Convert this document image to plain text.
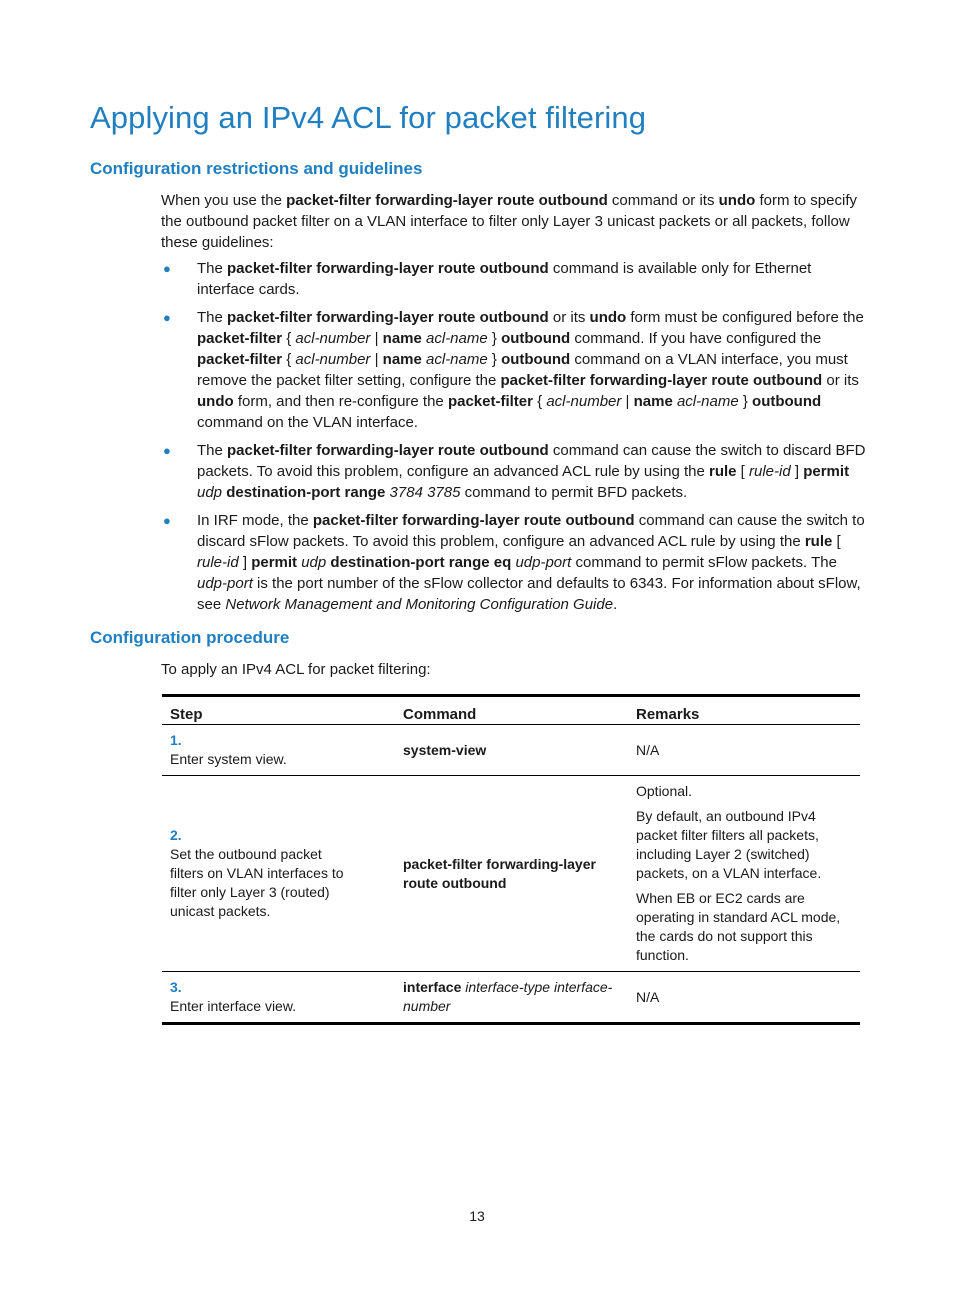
Applying an IPv4 ACL for packet filtering
Configuration restrictions and guidelines

When you use the packet-filter forwarding-layer route outbound command or its undo form to specify the outbound packet filter on a VLAN interface to filter only Layer 3 unicast packets or all packets, follow these guidelines:

● The packet-filter forwarding-layer route outbound command is available only for Ethernet interface cards.
● The packet-filter forwarding-layer route outbound or its undo form must be configured before the packet-filter { acl-number | name acl-name } outbound command. If you have configured the packet-filter { acl-number | name acl-name } outbound command on a VLAN interface, you must remove the packet filter setting, configure the packet-filter forwarding-layer route outbound or its undo form, and then re-configure the packet-filter { acl-number | name acl-name } outbound command on the VLAN interface.
● The packet-filter forwarding-layer route outbound command can cause the switch to discard BFD packets. To avoid this problem, configure an advanced ACL rule by using the rule [ rule-id ] permit udp destination-port range 3784 3785 command to permit BFD packets.
● In IRF mode, the packet-filter forwarding-layer route outbound command can cause the switch to discard sFlow packets. To avoid this problem, configure an advanced ACL rule by using the rule [ rule-id ] permit udp destination-port range eq udp-port command to permit sFlow packets. The udp-port is the port number of the sFlow collector and defaults to 6343. For information about sFlow, see Network Management and Monitoring Configuration Guide.
Configuration procedure

To apply an IPv4 ACL for packet filtering:

Step	Command	Remarks
1.Enter system view.	system-view	N/A
2.Set the outbound packet filters on VLAN interfaces to filter only Layer 3 (routed) unicast packets.	packet-filter forwarding-layer route outbound	Optional.

By default, an outbound IPv4 packet filter filters all packets, including Layer 2 (switched) packets, on a VLAN interface.

When EB or EC2 cards are operating in standard ACL mode, the cards do not support this function.

3.Enter interface view.	interface interface-type interface-number	N/A
13
